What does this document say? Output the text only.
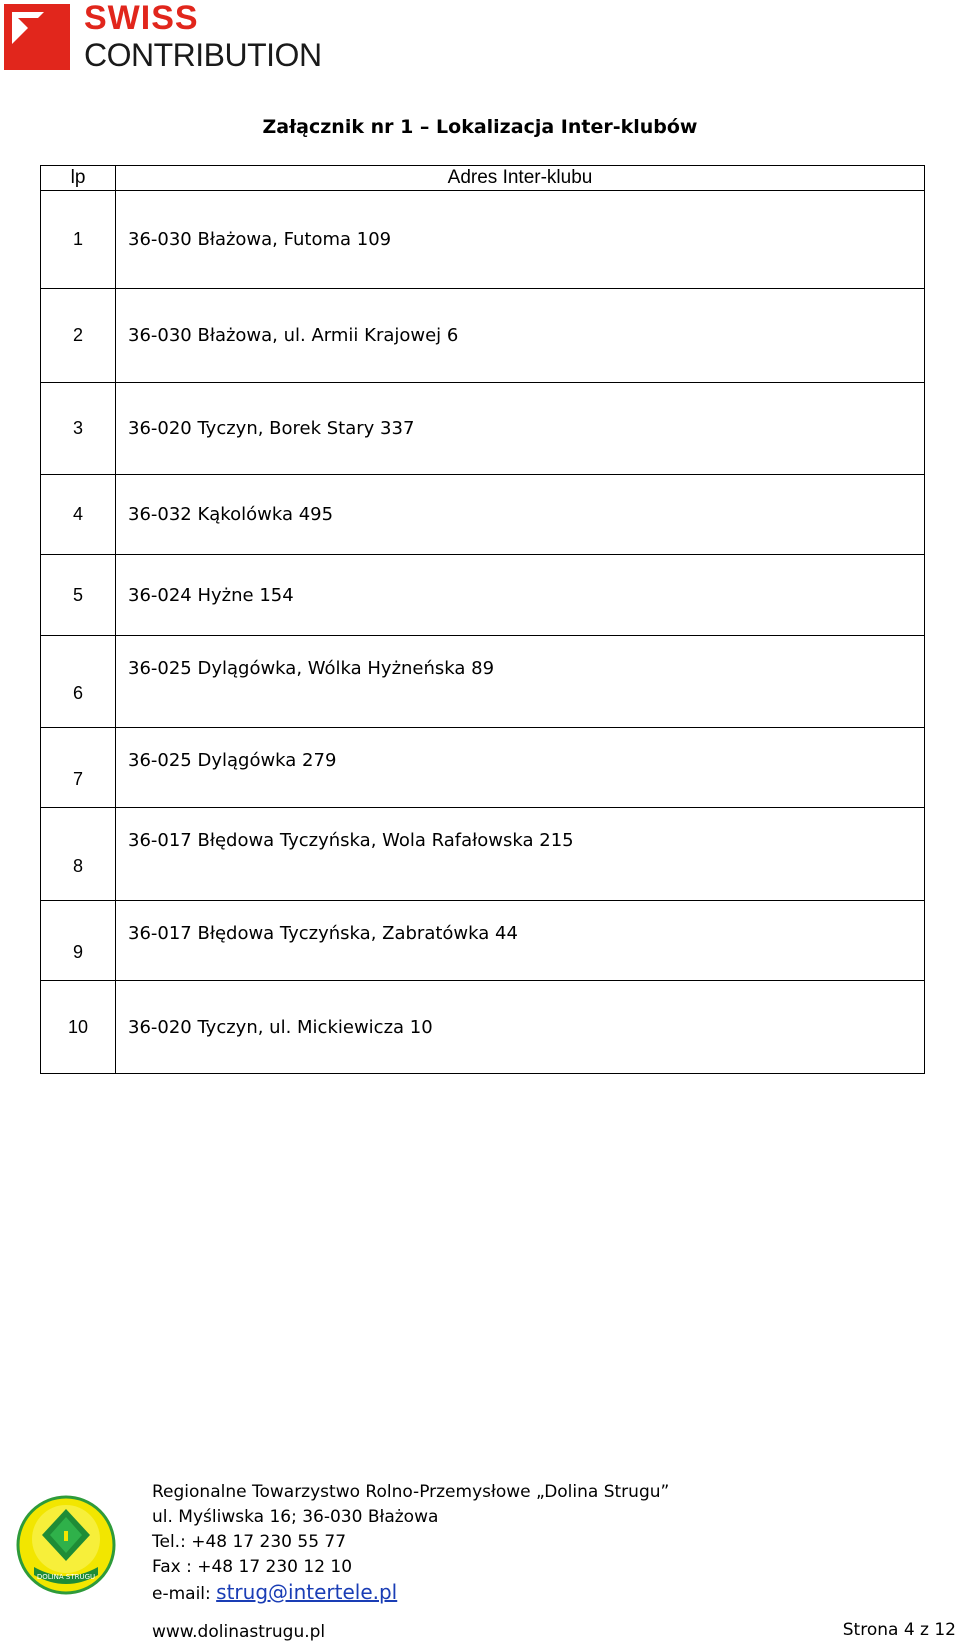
SWISS
CONTRIBUTION
Załącznik nr 1 – Lokalizacja Inter-klubów
lp	Adres Inter-klubu
1	36-030 Błażowa, Futoma 109
2	36-030 Błażowa, ul. Armii Krajowej 6
3	36-020 Tyczyn, Borek Stary 337
4	36-032 Kąkolówka 495
5	36-024 Hyżne 154
6	36-025 Dylągówka, Wólka Hyżneńska 89
7	36-025 Dylągówka 279
8	36-017 Błędowa Tyczyńska, Wola Rafałowska 215
9	36-017 Błędowa Tyczyńska, Zabratówka 44
10	36-020 Tyczyn, ul. Mickiewicza 10
DOLINA STRUGU
Regionalne Towarzystwo Rolno-Przemysłowe „Dolina Strugu”
ul. Myśliwska 16; 36-030 Błażowa
Tel.: +48 17 230 55 77
Fax : +48 17 230 12 10
e-mail: strug@intertele.pl
www.dolinastrugu.pl	Strona 4 z 12
